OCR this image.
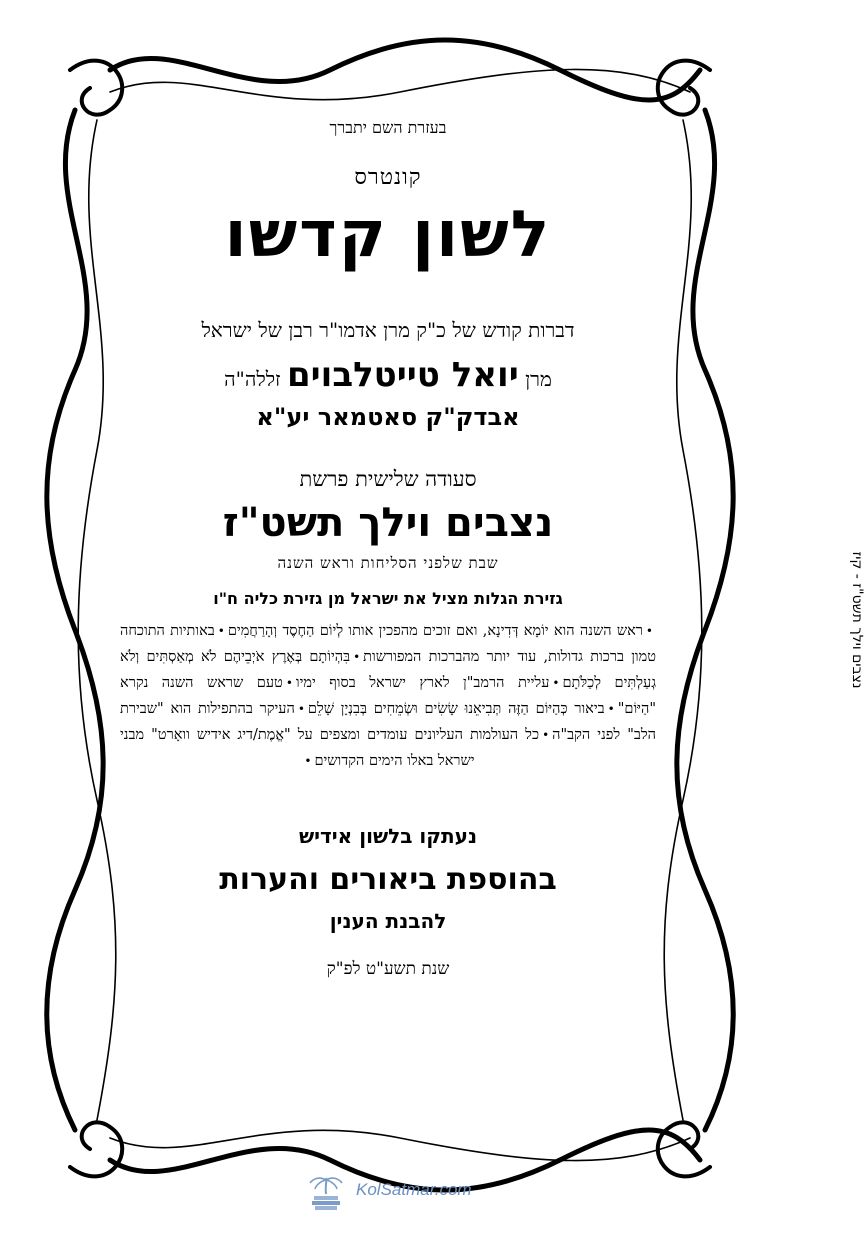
בעזרת השם יתברך

קונטרס

לשון קדשו

דברות קודש של כ"ק מרן אדמו"ר רבן של ישראל

מרן יואל טייטלבוים זללה"ה

אבדק"ק סאטמאר יע"א

סעודה שלישית פרשת

נצבים וילך תשט"ז

שבת שלפני הסליחות וראש השנה

גזירת הגלות מציל את ישראל מן גזירת כליה ח"ו

•ראש השנה הוא יוֹמָא דְּדִינָא, ואם זוכים מהפכין אותו לְיוֹם הַחֶסֶד וְהָרַחֲמִים•באותיות התוכחה טמון ברכות גדולות, עוד יותר מהברכות המפורשות•בִּהְיוֹתָם בְּאֶרֶץ אֹיְבֵיהֶם לֹא מְאַסְתִּים וְלֹא גְעַלְתִּים לְכַלֹּתָם•עליית הרמב"ן לארץ ישראל בסוף ימיו•טעם שראש השנה נקרא "הַיּוֹם"•ביאור כְּהַיּוֹם הַזֶּה תְּבִיאֵנוּ שָׂשִׂים וּשְׂמֵחִים בְּבִנְיָן שָׁלֵם•העיקר בהתפילות הוא "שבירת הלב" לפני הקב"ה•כל העולמות העליונים עומדים ומצפים על "אֱמֶת/דיג אידיש וואָרט" מבני ישראל באלו הימים הקדושים•

נעתקו בלשון אידיש

בהוספת ביאורים והערות

להבנת הענין

שנת תשע"ט לפ"ק

נצבים וילך תשט"ז - קיז
KolSatmar.com
